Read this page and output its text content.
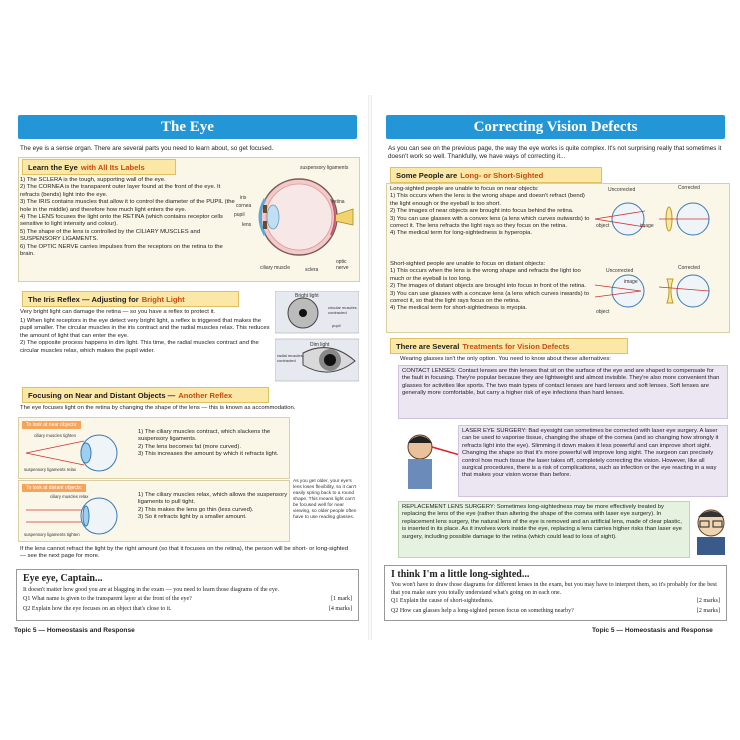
The Eye
The eye is a sense organ. There are several parts you need to learn about, so get focused.
Learn the Eye with All Its Labels
1) The SCLERA is the tough, supporting wall of the eye.
2) The CORNEA is the transparent outer layer found at the front of the eye. It refracts (bends) light into the eye.
3) The IRIS contains muscles that allow it to control the diameter of the PUPIL (the hole in the middle) and therefore how much light enters the eye.
4) The LENS focuses the light onto the RETINA (which contains receptor cells sensitive to light intensity and colour).
5) The shape of the lens is controlled by the CILIARY MUSCLES and SUSPENSORY LIGAMENTS.
6) The OPTIC NERVE carries impulses from the receptors on the retina to the brain.
suspensory ligaments
iris
cornea
pupil
lens
retina
ciliary muscle	sclera
optic nerve
The Iris Reflex — Adjusting for Bright Light
Very bright light can damage the retina — so you have a reflex to protect it.
1) When light receptors in the eye detect very bright light, a reflex is triggered that makes the pupil smaller. The circular muscles in the iris contract and the radial muscles relax. This reduces the amount of light that can enter the eye.
2) The opposite process happens in dim light. This time, the radial muscles contract and the circular muscles relax, which makes the pupil wider.
Bright light
circular muscles contracted
pupil
Dim light
radial muscles contracted
Focusing on Near and Distant Objects — Another Reflex
The eye focuses light on the retina by changing the shape of the lens — this is known as accommodation.
To look at near objects:
ciliary muscles tighten
suspensory ligaments relax
1) The ciliary muscles contract, which slackens the suspensory ligaments.
2) The lens becomes fat (more curved).
3) This increases the amount by which it refracts light.
To look at distant objects:
ciliary muscles relax
suspensory ligaments tighten
1) The ciliary muscles relax, which allows the suspensory ligaments to pull tight.
2) This makes the lens go thin (less curved).
3) So it refracts light by a smaller amount.
As you get older, your eye's lens loses flexibility, so it can't easily spring back to a round shape. This means light can't be focused well for near viewing, so older people often have to use reading glasses.
If the lens cannot refract the light by the right amount (so that it focuses on the retina), the person will be short- or long-sighted — see the next page for more.
Eye eye, Captain...
It doesn't matter how good you are at blagging in the exam — you need to learn those diagrams of the eye.
Q1 What name is given to the transparent layer at the front of the eye?	[1 mark]
Q2 Explain how the eye focuses on an object that's close to it.	[4 marks]
Topic 5 — Homeostasis and Response
Correcting Vision Defects
As you can see on the previous page, the way the eye works is quite complex. It's not surprising really that sometimes it doesn't work so well. Thankfully, we have ways of correcting it...
Some People are Long- or Short-Sighted
Long-sighted people are unable to focus on near objects:
1) This occurs when the lens is the wrong shape and doesn't refract (bend) the light enough or the eyeball is too short.
2) The images of near objects are brought into focus behind the retina.
3) You can use glasses with a convex lens (a lens which curves outwards) to correct it. The lens refracts the light rays so they focus on the retina.
4) The medical term for long-sightedness is hyperopia.
Short-sighted people are unable to focus on distant objects:
1) This occurs when the lens is the wrong shape and refracts the light too much or the eyeball is too long.
2) The images of distant objects are brought into focus in front of the retina.
3) You can use glasses with a concave lens (a lens which curves inwards) to correct it, so that the light rays focus on the retina.
4) The medical term for short-sightedness is myopia.
Uncorrected	Corrected
object	image
Uncorrected	Corrected
object
image
There are Several Treatments for Vision Defects
Wearing glasses isn't the only option. You need to know about these alternatives:
CONTACT LENSES: Contact lenses are thin lenses that sit on the surface of the eye and are shaped to compensate for the fault in focusing. They're popular because they are lightweight and almost invisible. They're also more convenient than glasses for activities like sports. The two main types of contact lenses are hard lenses and soft lenses. Soft lenses are generally more comfortable, but carry a higher risk of eye infections than hard lenses.
LASER EYE SURGERY: Bad eyesight can sometimes be corrected with laser eye surgery. A laser can be used to vaporise tissue, changing the shape of the cornea (and so changing how strongly it refracts light into the eye). Slimming it down makes it less powerful and can improve short sight. Changing the shape so that it's more powerful will improve long sight. The surgeon can precisely control how much tissue the laser takes off, completely correcting the vision. However, like all surgical procedures, there is a risk of complications, such as infection or the eye reacting in a way that makes your vision worse than before.
REPLACEMENT LENS SURGERY: Sometimes long-sightedness may be more effectively treated by replacing the lens of the eye (rather than altering the shape of the cornea with laser eye surgery). In replacement lens surgery, the natural lens of the eye is removed and an artificial lens, made of clear plastic, is inserted in its place. As it involves work inside the eye, replacing a lens carries higher risks than laser eye surgery, including possible damage to the retina (which could lead to loss of sight).
I think I'm a little long-sighted...
You won't have to draw those diagrams for different lenses in the exam, but you may have to interpret them, so it's probably for the best that you make sure you totally understand what's going on in each one.
Q1 Explain the cause of short-sightedness.	[2 marks]
Q2 How can glasses help a long-sighted person focus on something nearby?	[2 marks]
Topic 5 — Homeostasis and Response
